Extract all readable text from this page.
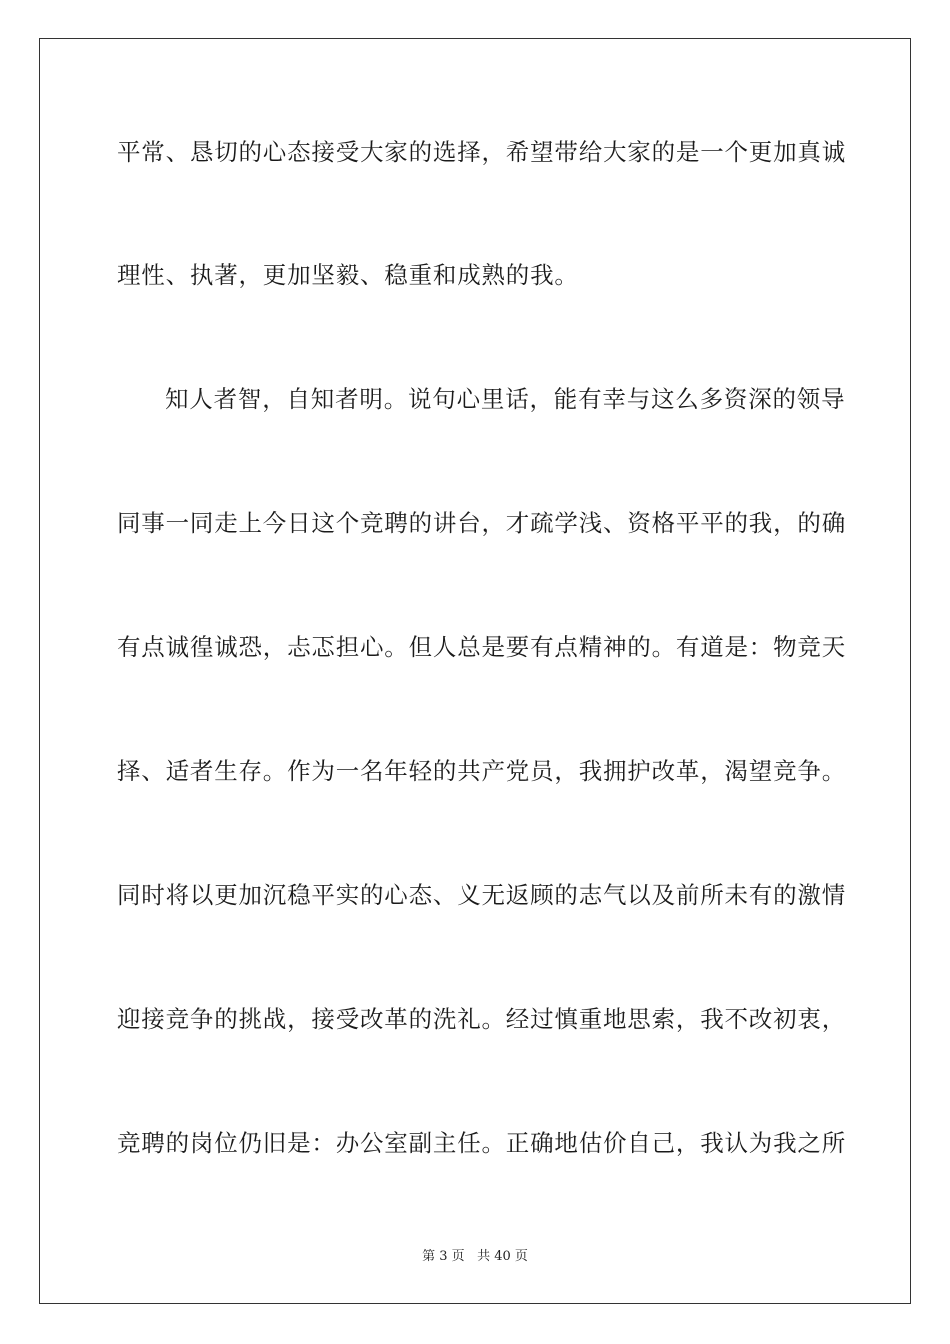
平常、恳切的心态接受大家的选择，希望带给大家的是一个更加真诚
理性、执著，更加坚毅、稳重和成熟的我。
知人者智，自知者明。说句心里话，能有幸与这么多资深的领导
同事一同走上今日这个竞聘的讲台，才疏学浅、资格平平的我，的确
有点诚徨诚恐，忐忑担心。但人总是要有点精神的。有道是：物竞天
择、适者生存。作为一名年轻的共产党员，我拥护改革，渴望竞争。
同时将以更加沉稳平实的心态、义无返顾的志气以及前所未有的激情
迎接竞争的挑战，接受改革的洗礼。经过慎重地思索，我不改初衷，
竞聘的岗位仍旧是：办公室副主任。正确地估价自己，我认为我之所
第 3 页 共 40 页
